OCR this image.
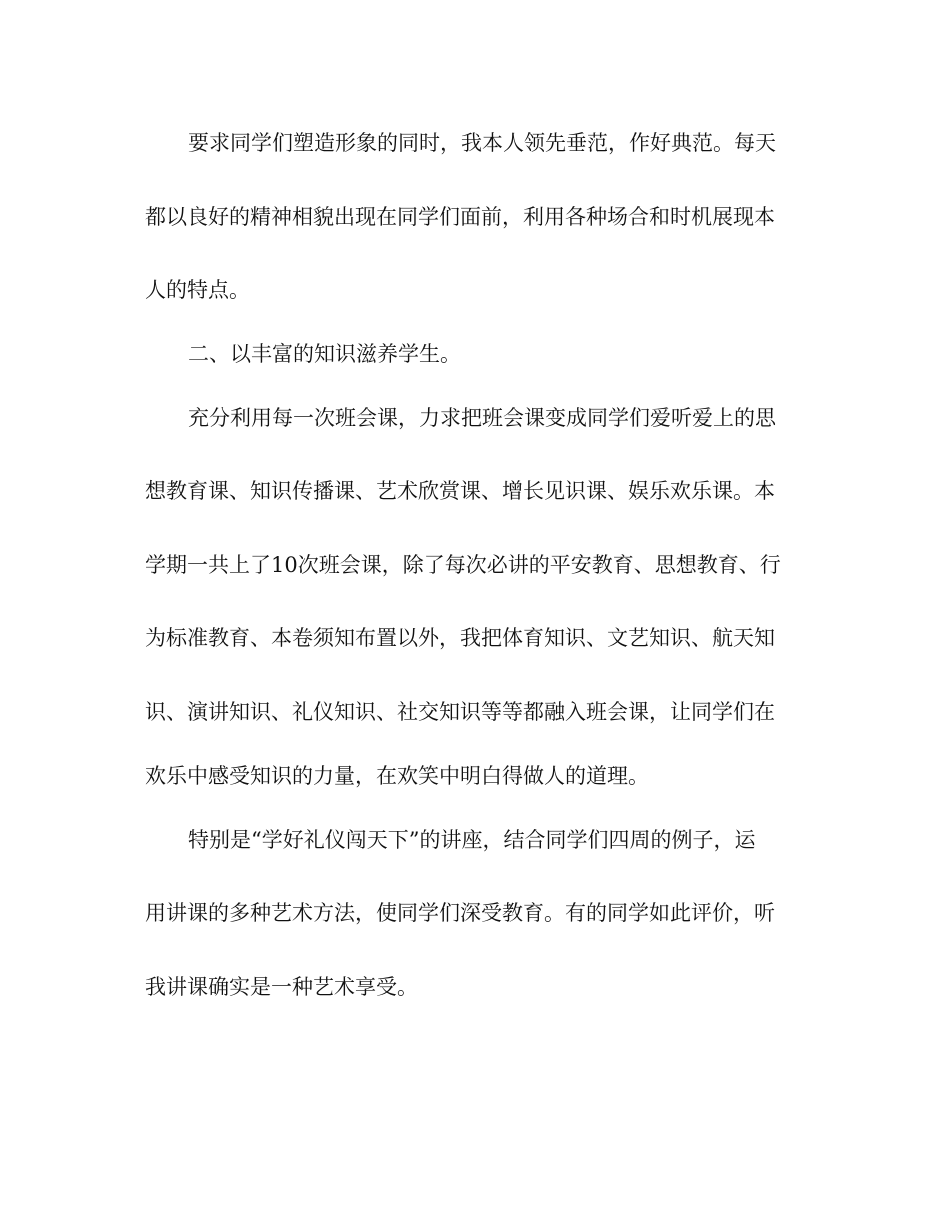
要求同学们塑造形象的同时，我本人领先垂范，作好典范。每天
都以良好的精神相貌出现在同学们面前，利用各种场合和时机展现本
人的特点。
二、以丰富的知识滋养学生。
充分利用每一次班会课，力求把班会课变成同学们爱听爱上的思
想教育课、知识传播课、艺术欣赏课、增长见识课、娱乐欢乐课。本
学期一共上了10次班会课，除了每次必讲的平安教育、思想教育、行
为标准教育、本卷须知布置以外，我把体育知识、文艺知识、航天知
识、演讲知识、礼仪知识、社交知识等等都融入班会课，让同学们在
欢乐中感受知识的力量，在欢笑中明白得做人的道理。
特别是“学好礼仪闯天下”的讲座，结合同学们四周的例子，运
用讲课的多种艺术方法，使同学们深受教育。有的同学如此评价，听
我讲课确实是一种艺术享受。
